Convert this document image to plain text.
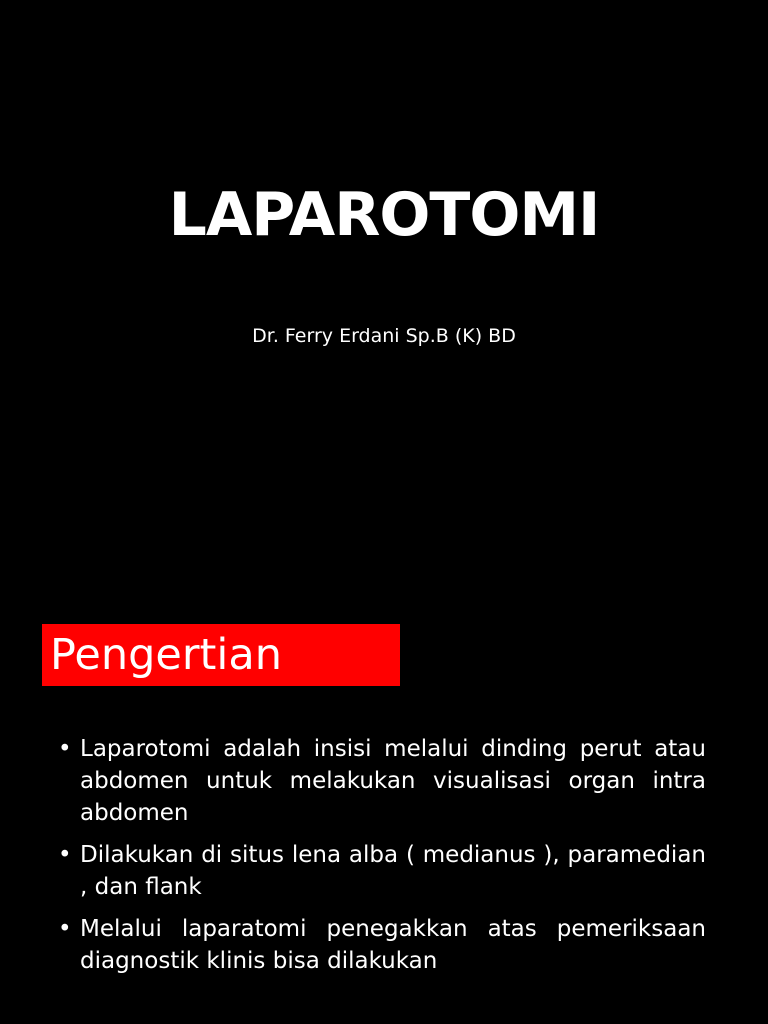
LAPAROTOMI
Dr. Ferry Erdani Sp.B (K) BD
Pengertian
• Laparotomi adalah insisi melalui dinding perut atau abdomen untuk melakukan visualisasi organ intra abdomen
• Dilakukan di situs lena alba ( medianus ), paramedian , dan flank
• Melalui laparatomi penegakkan atas pemeriksaan diagnostik klinis bisa dilakukan
